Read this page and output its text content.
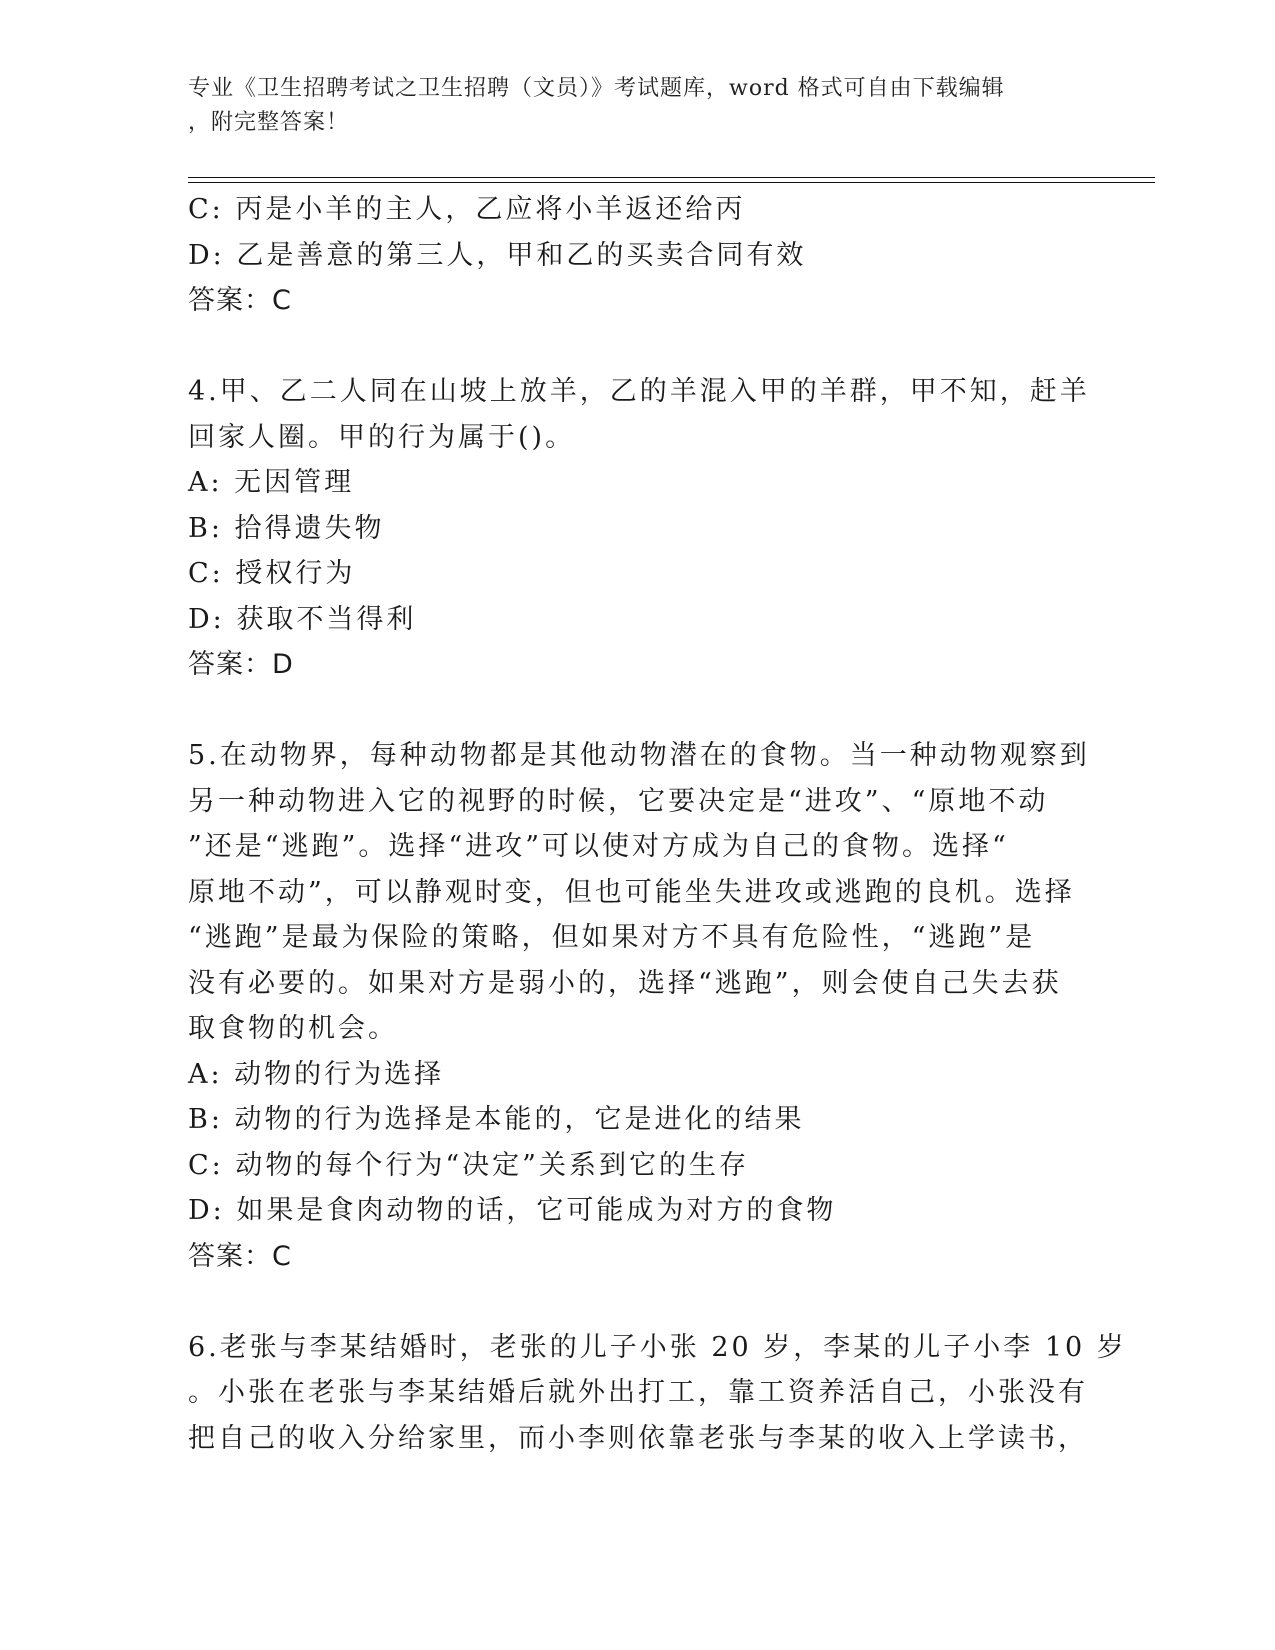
专业《卫生招聘考试之卫生招聘（文员）》考试题库，word 格式可自由下载编辑
，附完整答案！
C: 丙是小羊的主人，乙应将小羊返还给丙
D: 乙是善意的第三人，甲和乙的买卖合同有效
答案：C
4.甲、乙二人同在山坡上放羊，乙的羊混入甲的羊群，甲不知，赶羊
回家人圈。甲的行为属于()。
A: 无因管理
B: 拾得遗失物
C: 授权行为
D: 获取不当得利
答案：D
5.在动物界，每种动物都是其他动物潜在的食物。当一种动物观察到
另一种动物进入它的视野的时候，它要决定是“进攻”、“原地不动
”还是“逃跑”。选择“进攻”可以使对方成为自己的食物。选择“
原地不动”，可以静观时变，但也可能坐失进攻或逃跑的良机。选择
“逃跑”是最为保险的策略，但如果对方不具有危险性，“逃跑”是
没有必要的。如果对方是弱小的，选择“逃跑”，则会使自己失去获
取食物的机会。
A: 动物的行为选择
B: 动物的行为选择是本能的，它是进化的结果
C: 动物的每个行为“决定”关系到它的生存
D: 如果是食肉动物的话，它可能成为对方的食物
答案：C
6.老张与李某结婚时，老张的儿子小张 20 岁，李某的儿子小李 10 岁
。小张在老张与李某结婚后就外出打工，靠工资养活自己，小张没有
把自己的收入分给家里，而小李则依靠老张与李某的收入上学读书，
